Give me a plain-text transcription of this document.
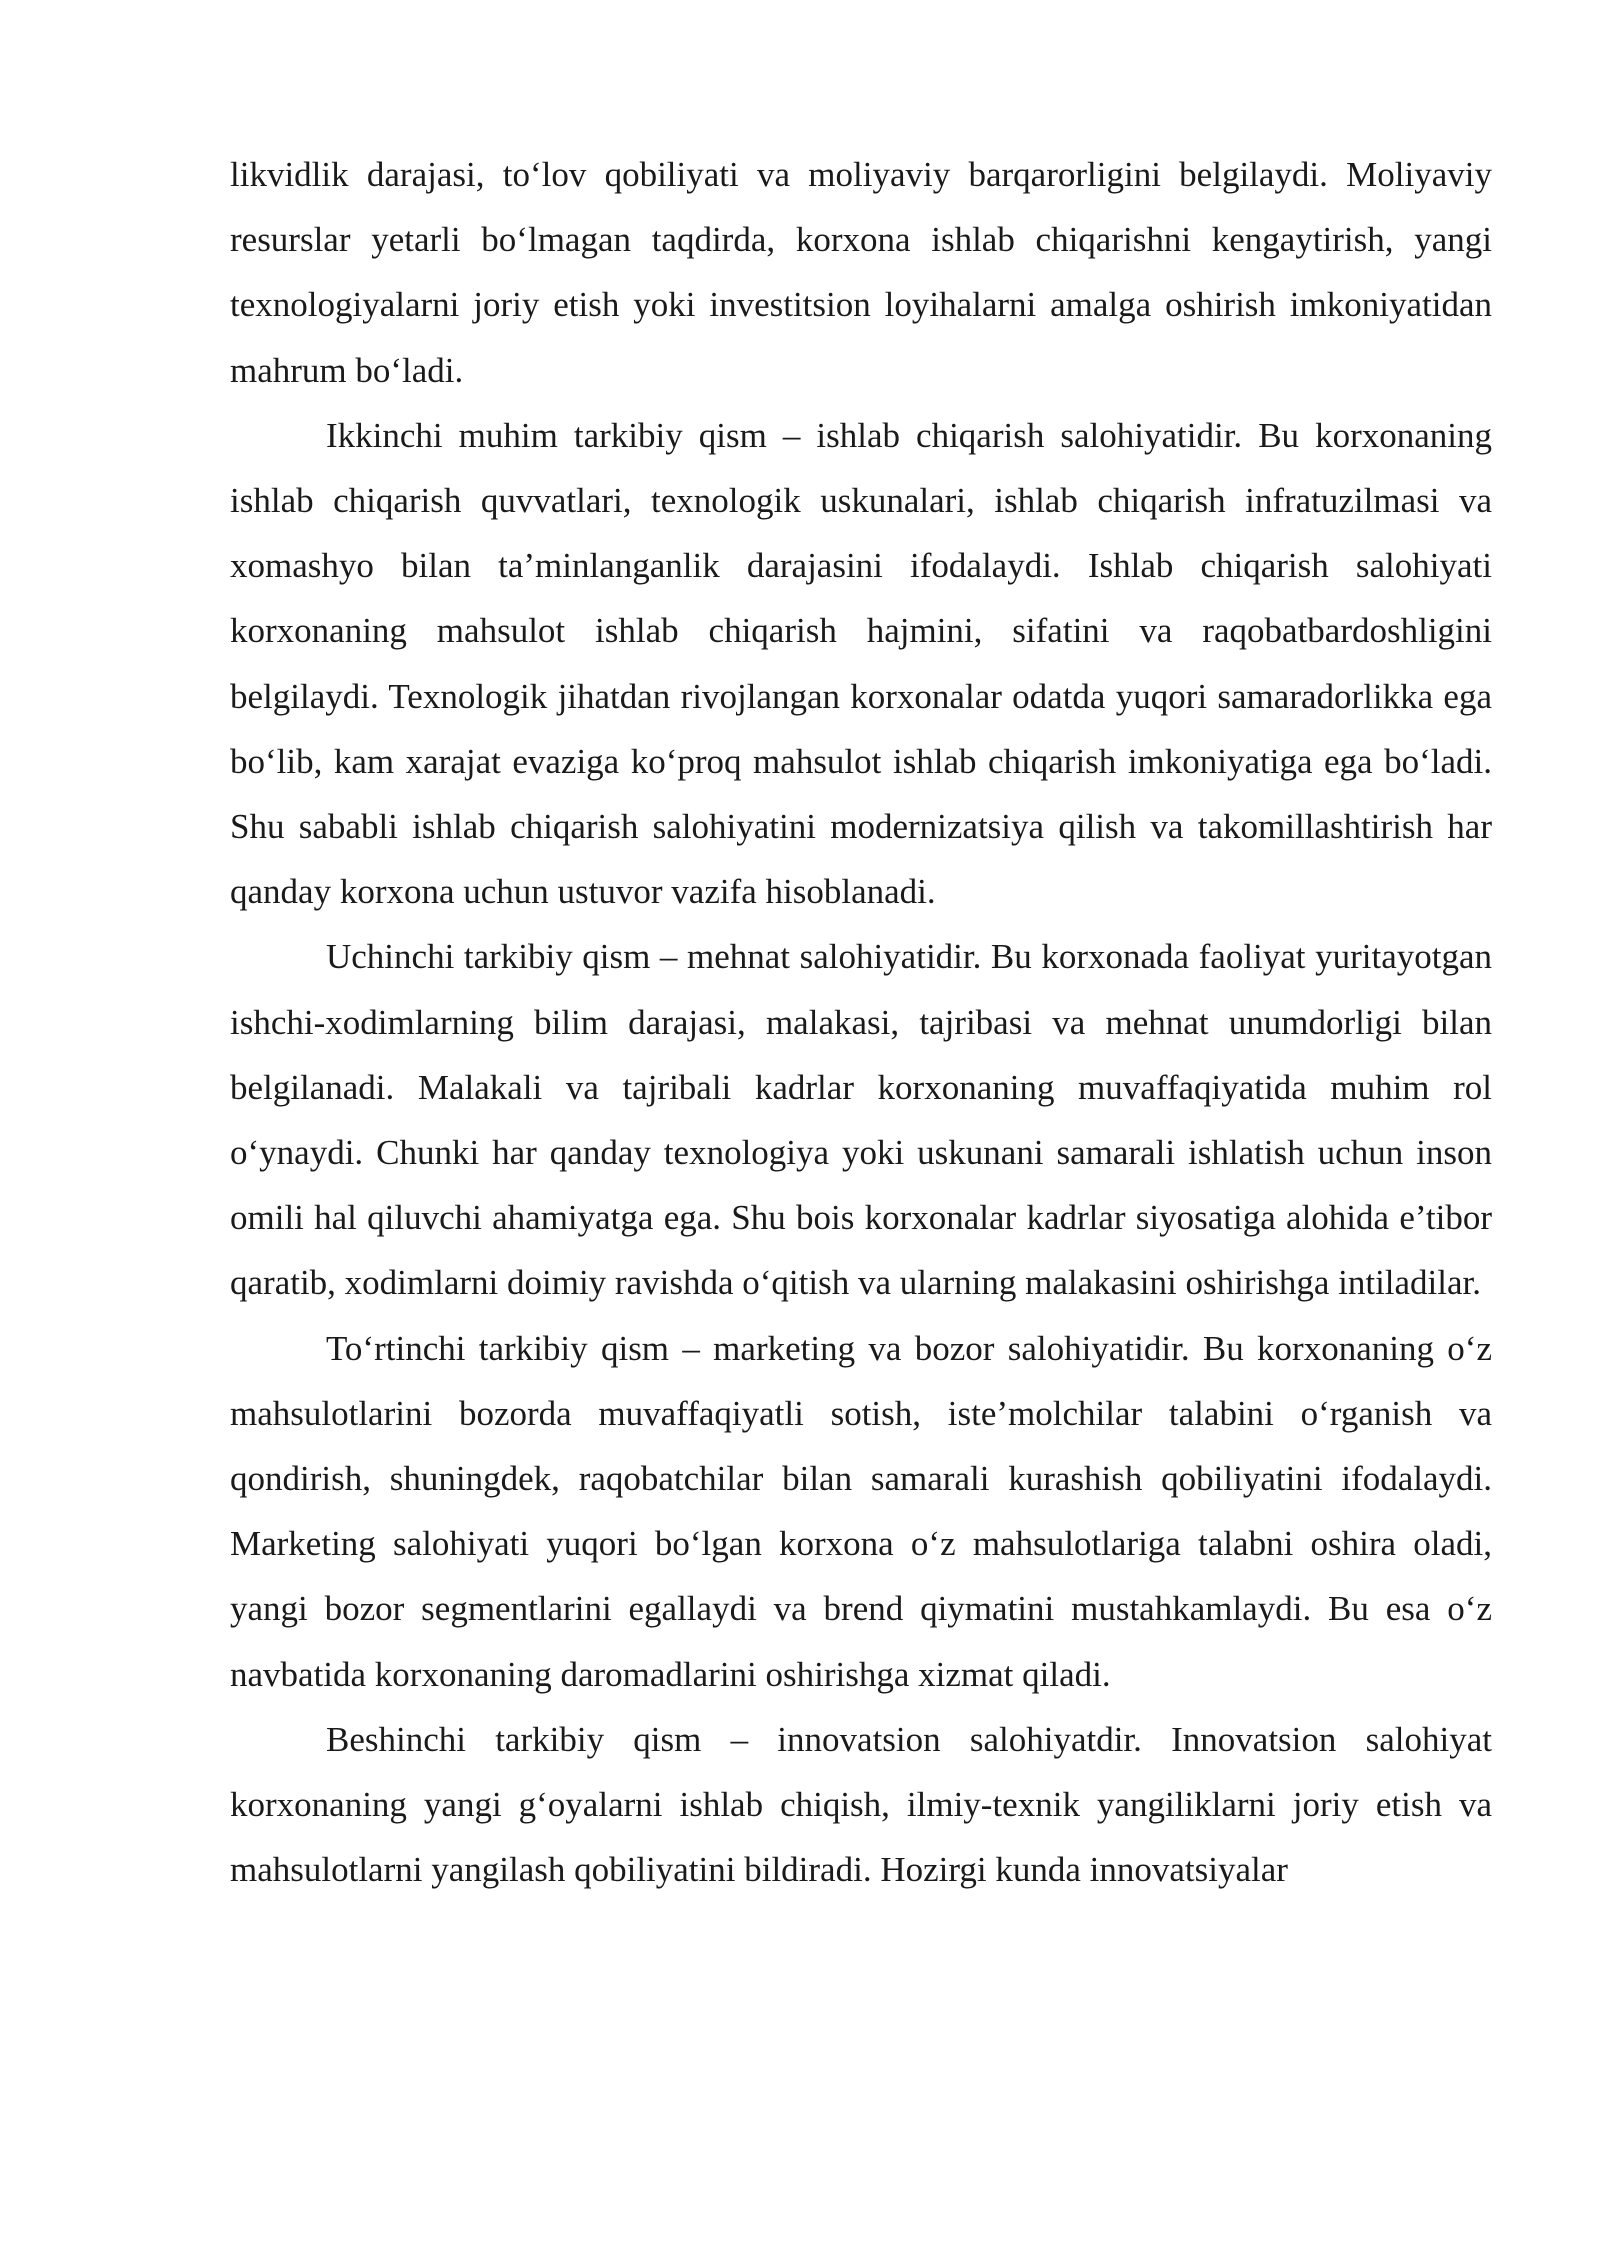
likvidlik darajasi, to‘lov qobiliyati va moliyaviy barqarorligini belgilaydi. Moliyaviy resurslar yetarli bo‘lmagan taqdirda, korxona ishlab chiqarishni kengaytirish, yangi texnologiyalarni joriy etish yoki investitsion loyihalarni amalga oshirish imkoniyatidan mahrum bo‘ladi.

Ikkinchi muhim tarkibiy qism – ishlab chiqarish salohiyatidir. Bu korxonaning ishlab chiqarish quvvatlari, texnologik uskunalari, ishlab chiqarish infratuzilmasi va xomashyo bilan ta’minlanganlik darajasini ifodalaydi. Ishlab chiqarish salohiyati korxonaning mahsulot ishlab chiqarish hajmini, sifatini va raqobatbardoshligini belgilaydi. Texnologik jihatdan rivojlangan korxonalar odatda yuqori samaradorlikka ega bo‘lib, kam xarajat evaziga ko‘proq mahsulot ishlab chiqarish imkoniyatiga ega bo‘ladi. Shu sababli ishlab chiqarish salohiyatini modernizatsiya qilish va takomillashtirish har qanday korxona uchun ustuvor vazifa hisoblanadi.

Uchinchi tarkibiy qism – mehnat salohiyatidir. Bu korxonada faoliyat yuritayotgan ishchi-xodimlarning bilim darajasi, malakasi, tajribasi va mehnat unumdorligi bilan belgilanadi. Malakali va tajribali kadrlar korxonaning muvaffaqiyatida muhim rol o‘ynaydi. Chunki har qanday texnologiya yoki uskunani samarali ishlatish uchun inson omili hal qiluvchi ahamiyatga ega. Shu bois korxonalar kadrlar siyosatiga alohida e’tibor qaratib, xodimlarni doimiy ravishda o‘qitish va ularning malakasini oshirishga intiladilar.

To‘rtinchi tarkibiy qism – marketing va bozor salohiyatidir. Bu korxonaning o‘z mahsulotlarini bozorda muvaffaqiyatli sotish, iste’molchilar talabini o‘rganish va qondirish, shuningdek, raqobatchilar bilan samarali kurashish qobiliyatini ifodalaydi. Marketing salohiyati yuqori bo‘lgan korxona o‘z mahsulotlariga talabni oshira oladi, yangi bozor segmentlarini egallaydi va brend qiymatini mustahkamlaydi. Bu esa o‘z navbatida korxonaning daromadlarini oshirishga xizmat qiladi.

Beshinchi tarkibiy qism – innovatsion salohiyatdir. Innovatsion salohiyat korxonaning yangi g‘oyalarni ishlab chiqish, ilmiy-texnik yangiliklarni joriy etish va mahsulotlarni yangilash qobiliyatini bildiradi. Hozirgi kunda innovatsiyalar
